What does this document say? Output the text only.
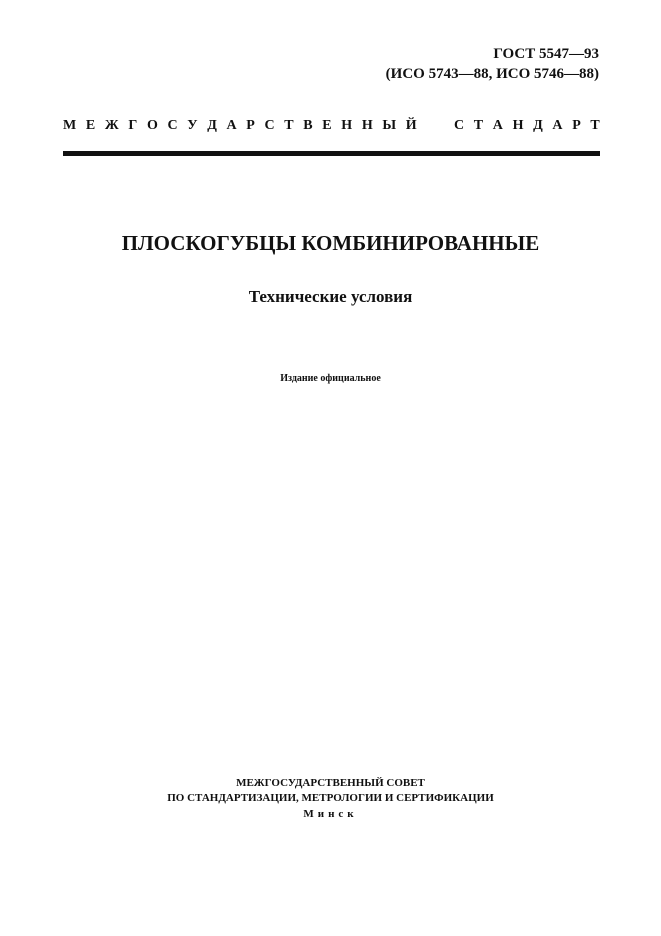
ГОСТ 5547—93
(ИСО 5743—88, ИСО 5746—88)
М Е Ж Г О С У Д А Р С Т В Е Н Н Ы Й	С Т А Н Д А Р Т
ПЛОСКОГУБЦЫ КОМБИНИРОВАННЫЕ
Технические условия
Издание официальное
МЕЖГОСУДАРСТВЕННЫЙ СОВЕТ
ПО СТАНДАРТИЗАЦИИ, МЕТРОЛОГИИ И СЕРТИФИКАЦИИ
Минск
